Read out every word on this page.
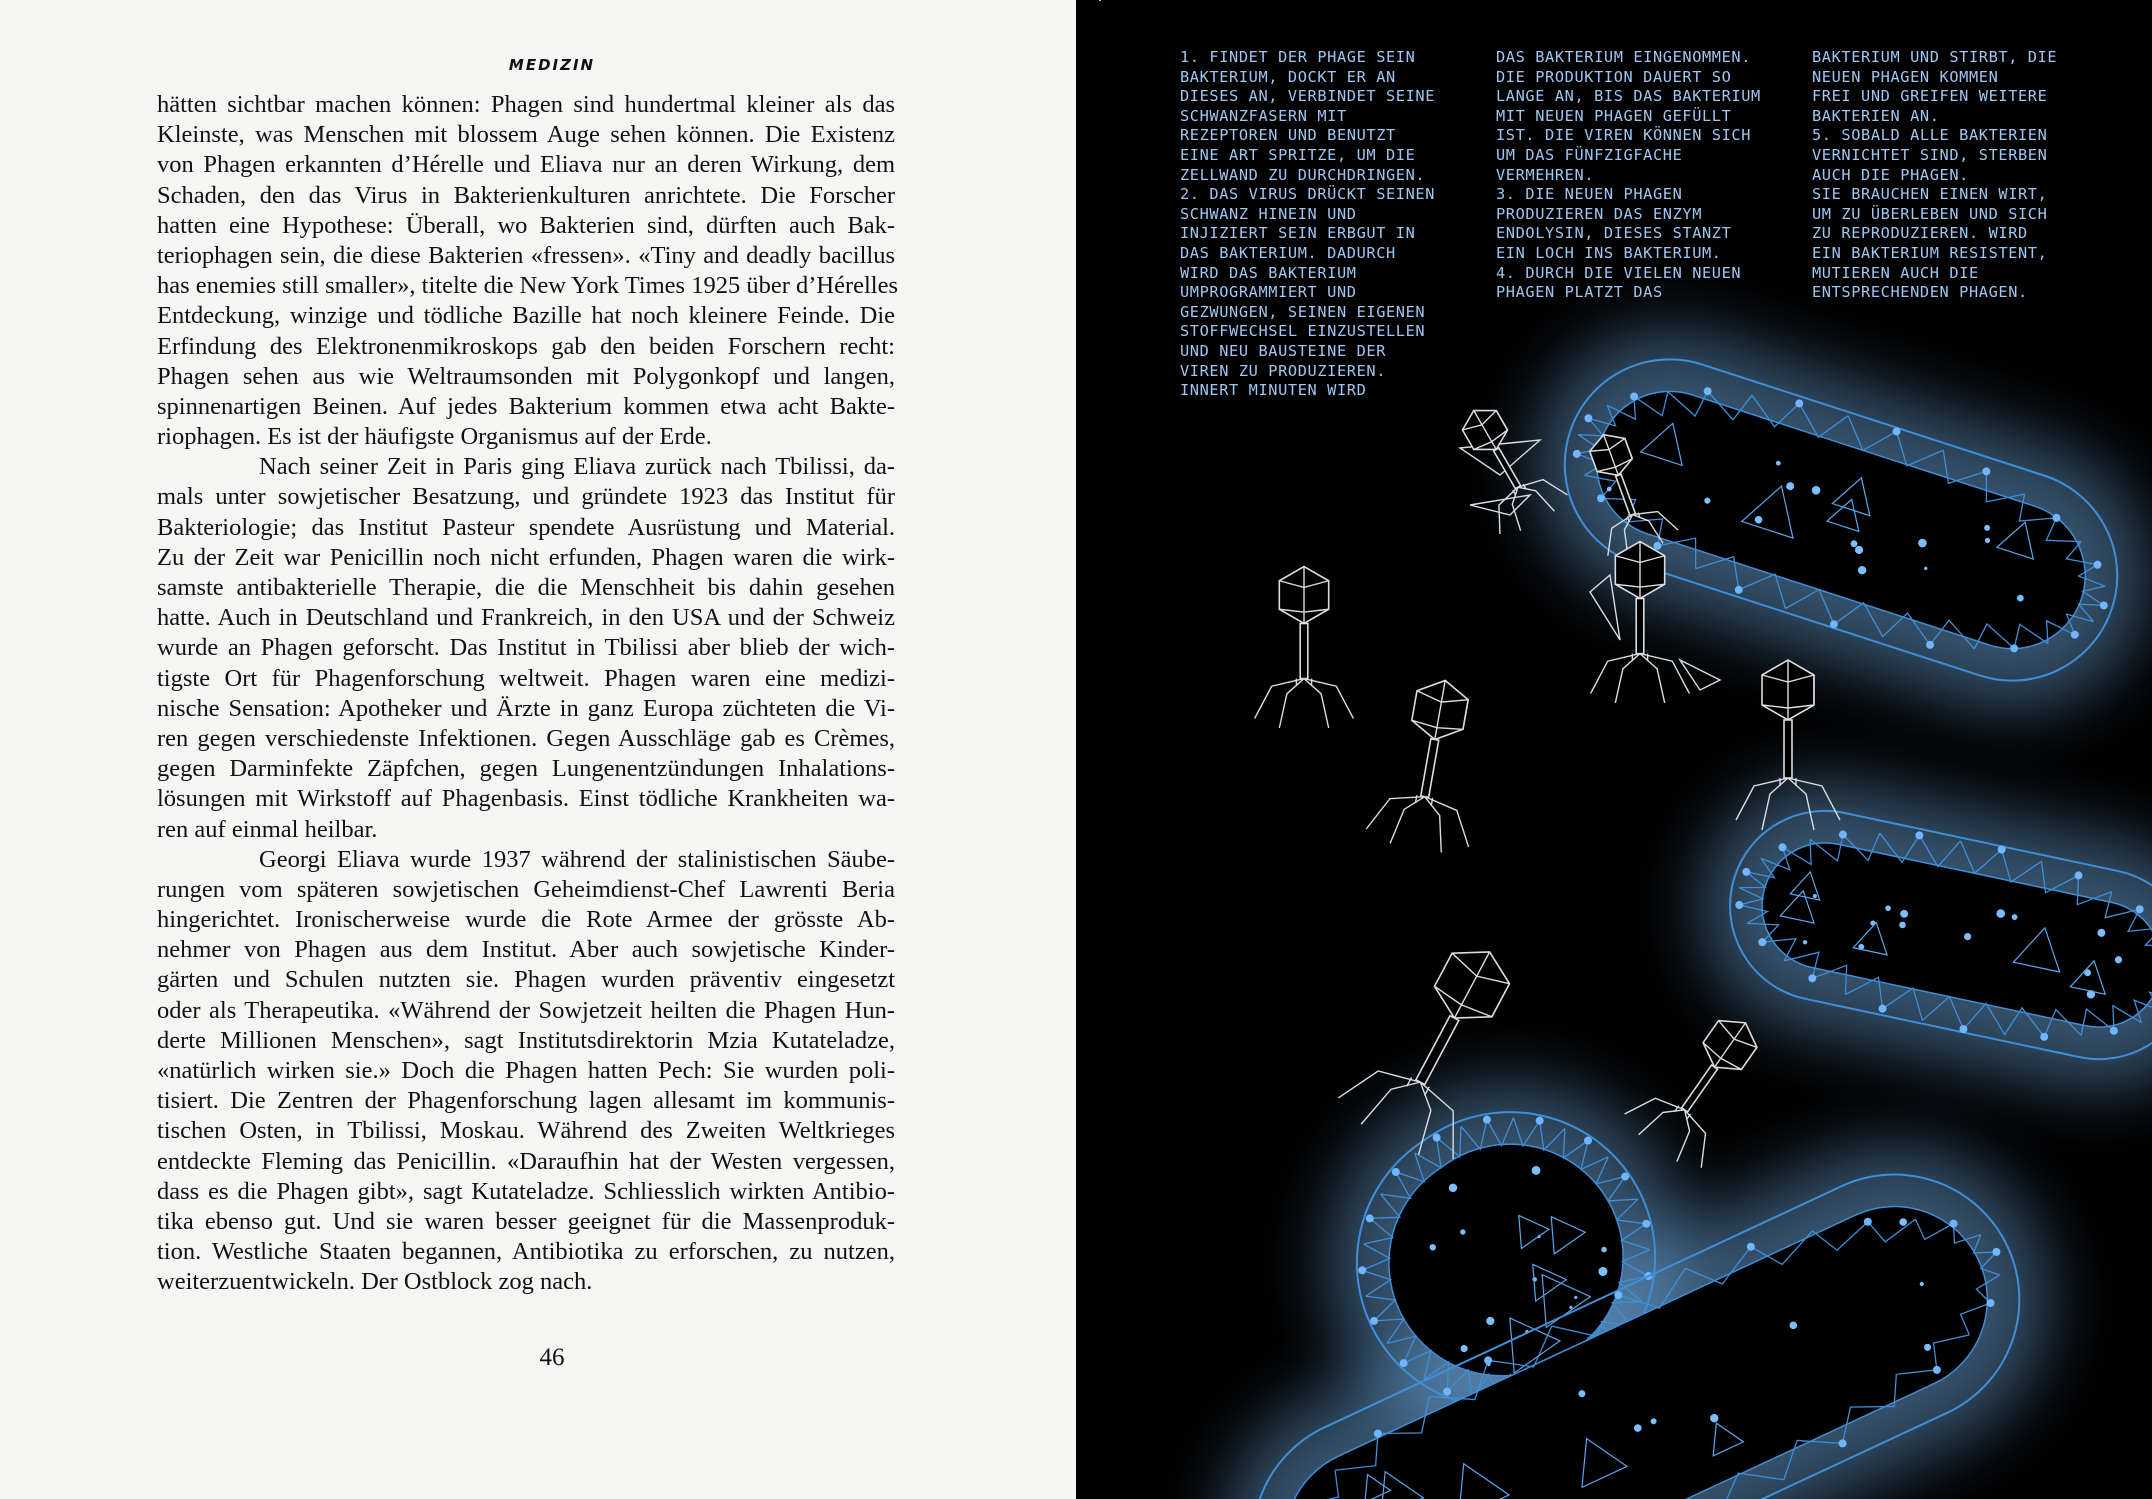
MEDIZIN
hätten sichtbar machen können: Phagen sind hundertmal kleiner als das
Kleinste, was Menschen mit blossem Auge sehen können. Die Existenz
von Phagen erkannten d’Hérelle und Eliava nur an deren Wirkung, dem
Schaden, den das Virus in Bakterienkulturen anrichtete. Die Forscher
hatten eine Hypothese: Überall, wo Bakterien sind, dürften auch Bak-
teriophagen sein, die diese Bakterien «fressen». «Tiny and deadly bacillus
has enemies still smaller», titelte die New York Times 1925 über d’Hérelles
Entdeckung, winzige und tödliche Bazille hat noch kleinere Feinde. Die
Erfindung des Elektronenmikroskops gab den beiden Forschern recht:
Phagen sehen aus wie Weltraumsonden mit Polygonkopf und langen,
spinnenartigen Beinen. Auf jedes Bakterium kommen etwa acht Bakte-
riophagen. Es ist der häufigste Organismus auf der Erde.
Nach seiner Zeit in Paris ging Eliava zurück nach Tbilissi, da-
mals unter sowjetischer Besatzung, und gründete 1923 das Institut für
Bakteriologie; das Institut Pasteur spendete Ausrüstung und Material.
Zu der Zeit war Penicillin noch nicht erfunden, Phagen waren die wirk-
samste antibakterielle Therapie, die die Menschheit bis dahin gesehen
hatte. Auch in Deutschland und Frankreich, in den USA und der Schweiz
wurde an Phagen geforscht. Das Institut in Tbilissi aber blieb der wich-
tigste Ort für Phagenforschung weltweit. Phagen waren eine medizi-
nische Sensation: Apotheker und Ärzte in ganz Europa züchteten die Vi-
ren gegen verschiedenste Infektionen. Gegen Ausschläge gab es Crèmes,
gegen Darminfekte Zäpfchen, gegen Lungenentzündungen Inhalations-
lösungen mit Wirkstoff auf Phagenbasis. Einst tödliche Krankheiten wa-
ren auf einmal heilbar.
Georgi Eliava wurde 1937 während der stalinistischen Säube-
rungen vom späteren sowjetischen Geheimdienst-Chef Lawrenti Beria
hingerichtet. Ironischerweise wurde die Rote Armee der grösste Ab-
nehmer von Phagen aus dem Institut. Aber auch sowjetische Kinder-
gärten und Schulen nutzten sie. Phagen wurden präventiv eingesetzt
oder als Therapeutika. «Während der Sowjetzeit heilten die Phagen Hun-
derte Millionen Menschen», sagt Institutsdirektorin Mzia Kutateladze,
«natürlich wirken sie.» Doch die Phagen hatten Pech: Sie wurden poli-
tisiert. Die Zentren der Phagenforschung lagen allesamt im kommunis-
tischen Osten, in Tbilissi, Moskau. Während des Zweiten Weltkrieges
entdeckte Fleming das Penicillin. «Daraufhin hat der Westen vergessen,
dass es die Phagen gibt», sagt Kutateladze. Schliesslich wirkten Antibio-
tika ebenso gut. Und sie waren besser geeignet für die Massenproduk-
tion. Westliche Staaten begannen, Antibiotika zu erforschen, zu nutzen,
weiterzuentwickeln. Der Ostblock zog nach.
46
1. FINDET DER PHAGE SEIN
BAKTERIUM, DOCKT ER AN
DIESES AN, VERBINDET SEINE
SCHWANZFASERN MIT
REZEPTOREN UND BENUTZT
EINE ART SPRITZE, UM DIE
ZELLWAND ZU DURCHDRINGEN.
2. DAS VIRUS DRÜCKT SEINEN
SCHWANZ HINEIN UND
INJIZIERT SEIN ERBGUT IN
DAS BAKTERIUM. DADURCH
WIRD DAS BAKTERIUM
UMPROGRAMMIERT UND
GEZWUNGEN, SEINEN EIGENEN
STOFFWECHSEL EINZUSTELLEN
UND NEU BAUSTEINE DER
VIREN ZU PRODUZIEREN.
INNERT MINUTEN WIRD
DAS BAKTERIUM EINGENOMMEN.
DIE PRODUKTION DAUERT SO
LANGE AN, BIS DAS BAKTERIUM
MIT NEUEN PHAGEN GEFÜLLT
IST. DIE VIREN KÖNNEN SICH
UM DAS FÜNFZIGFACHE
VERMEHREN.
3. DIE NEUEN PHAGEN
PRODUZIEREN DAS ENZYM
ENDOLYSIN, DIESES STANZT
EIN LOCH INS BAKTERIUM.
4. DURCH DIE VIELEN NEUEN
PHAGEN PLATZT DAS
BAKTERIUM UND STIRBT, DIE
NEUEN PHAGEN KOMMEN
FREI UND GREIFEN WEITERE
BAKTERIEN AN.
5. SOBALD ALLE BAKTERIEN
VERNICHTET SIND, STERBEN
AUCH DIE PHAGEN.
SIE BRAUCHEN EINEN WIRT,
UM ZU ÜBERLEBEN UND SICH
ZU REPRODUZIEREN. WIRD
EIN BAKTERIUM RESISTENT,
MUTIEREN AUCH DIE
ENTSPRECHENDEN PHAGEN.
